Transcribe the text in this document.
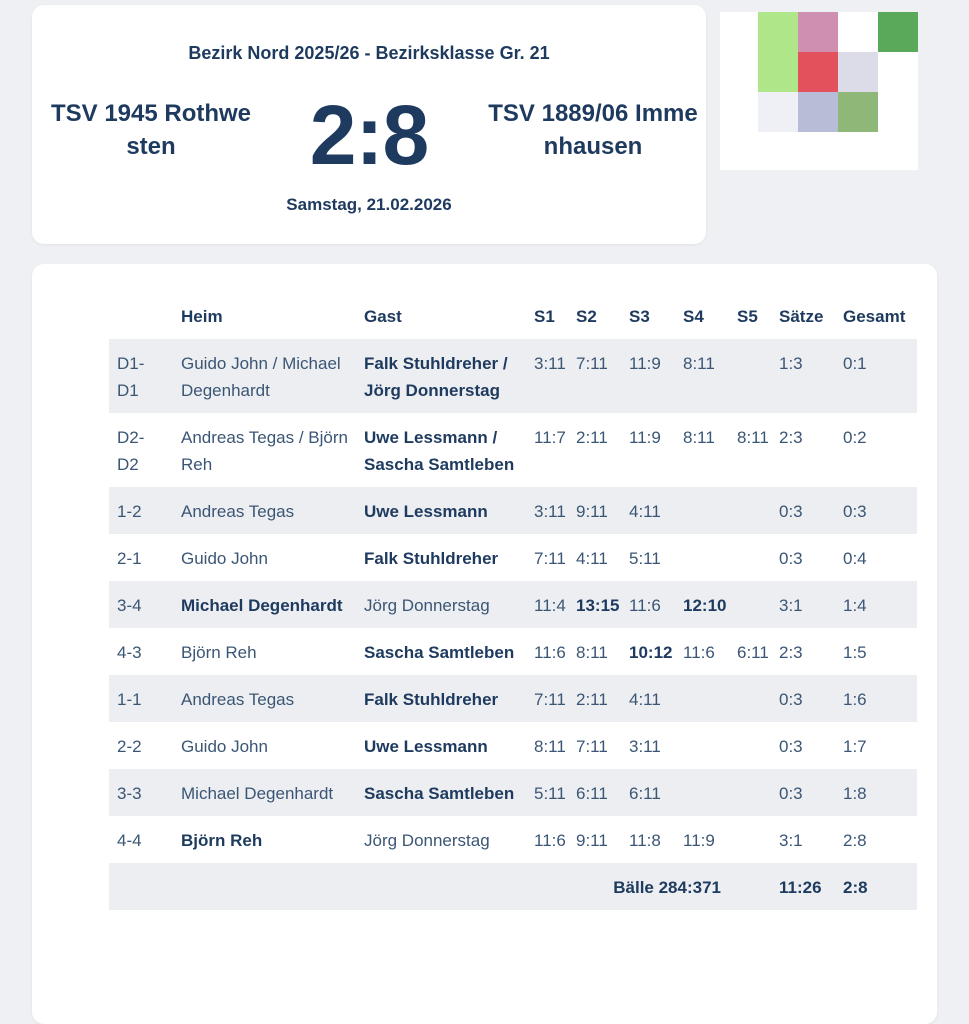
Bezirk Nord 2025/26 - Bezirksklasse Gr. 21
TSV 1945 Rothwesten	2:8	TSV 1889/06 Immenhausen
Samstag, 21.02.2026
	Heim	Gast	S1	S2	S3	S4	S5	Sätze	Gesamt
D1-D1	Guido John / Michael Degenhardt	Falk Stuhldreher / Jörg Donnerstag	3:11	7:11	11:9	8:11		1:3	0:1
D2-D2	Andreas Tegas / Björn Reh	Uwe Lessmann / Sascha Samtleben	11:7	2:11	11:9	8:11	8:11	2:3	0:2
1-2	Andreas Tegas	Uwe Lessmann	3:11	9:11	4:11			0:3	0:3
2-1	Guido John	Falk Stuhldreher	7:11	4:11	5:11			0:3	0:4
3-4	Michael Degenhardt	Jörg Donnerstag	11:4	13:15	11:6	12:10		3:1	1:4
4-3	Björn Reh	Sascha Samtleben	11:6	8:11	10:12	11:6	6:11	2:3	1:5
1-1	Andreas Tegas	Falk Stuhldreher	7:11	2:11	4:11			0:3	1:6
2-2	Guido John	Uwe Lessmann	8:11	7:11	3:11			0:3	1:7
3-3	Michael Degenhardt	Sascha Samtleben	5:11	6:11	6:11			0:3	1:8
4-4	Björn Reh	Jörg Donnerstag	11:6	9:11	11:8	11:9		3:1	2:8
Bälle 284:371								11:26	2:8
